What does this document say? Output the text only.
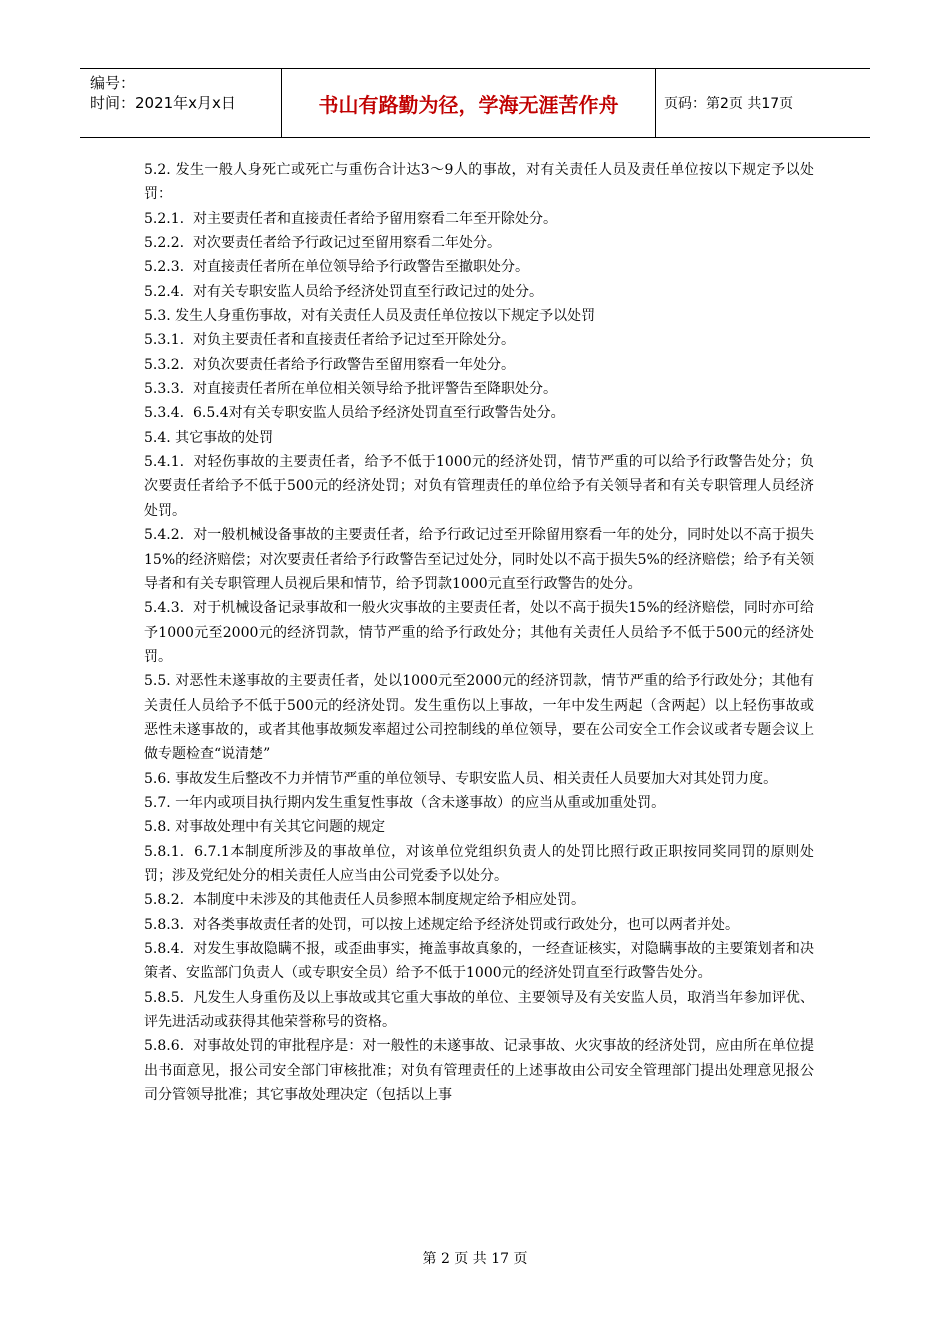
编号：
时间：2021年x月x日	书山有路勤为径，学海无涯苦作舟	页码：第2页 共17页

5.2. 发生一般人身死亡或死亡与重伤合计达3～9人的事故，对有关责任人员及责任单位按以下规定予以处罚：

5.2.1.  对主要责任者和直接责任者给予留用察看二年至开除处分。

5.2.2.  对次要责任者给予行政记过至留用察看二年处分。

5.2.3.  对直接责任者所在单位领导给予行政警告至撤职处分。

5.2.4.  对有关专职安监人员给予经济处罚直至行政记过的处分。

5.3. 发生人身重伤事故，对有关责任人员及责任单位按以下规定予以处罚

5.3.1.  对负主要责任者和直接责任者给予记过至开除处分。

5.3.2.  对负次要责任者给予行政警告至留用察看一年处分。

5.3.3.  对直接责任者所在单位相关领导给予批评警告至降职处分。

5.3.4.  6.5.4对有关专职安监人员给予经济处罚直至行政警告处分。

5.4. 其它事故的处罚

5.4.1.  对轻伤事故的主要责任者，给予不低于1000元的经济处罚，情节严重的可以给予行政警告处分；负次要责任者给予不低于500元的经济处罚；对负有管理责任的单位给予有关领导者和有关专职管理人员经济处罚。

5.4.2.  对一般机械设备事故的主要责任者，给予行政记过至开除留用察看一年的处分，同时处以不高于损失15%的经济赔偿；对次要责任者给予行政警告至记过处分，同时处以不高于损失5%的经济赔偿；给予有关领导者和有关专职管理人员视后果和情节，给予罚款1000元直至行政警告的处分。

5.4.3.  对于机械设备记录事故和一般火灾事故的主要责任者，处以不高于损失15%的经济赔偿，同时亦可给予1000元至2000元的经济罚款，情节严重的给予行政处分；其他有关责任人员给予不低于500元的经济处罚。

5.5. 对恶性未遂事故的主要责任者，处以1000元至2000元的经济罚款，情节严重的给予行政处分；其他有关责任人员给予不低于500元的经济处罚。发生重伤以上事故，一年中发生两起（含两起）以上轻伤事故或恶性未遂事故的，或者其他事故频发率超过公司控制线的单位领导，要在公司安全工作会议或者专题会议上做专题检查“说清楚”

5.6. 事故发生后整改不力并情节严重的单位领导、专职安监人员、相关责任人员要加大对其处罚力度。

5.7. 一年内或项目执行期内发生重复性事故（含未遂事故）的应当从重或加重处罚。

5.8. 对事故处理中有关其它问题的规定

5.8.1.  6.7.1本制度所涉及的事故单位，对该单位党组织负责人的处罚比照行政正职按同奖同罚的原则处罚；涉及党纪处分的相关责任人应当由公司党委予以处分。

5.8.2.  本制度中未涉及的其他责任人员参照本制度规定给予相应处罚。

5.8.3.  对各类事故责任者的处罚，可以按上述规定给予经济处罚或行政处分，也可以两者并处。

5.8.4.  对发生事故隐瞒不报，或歪曲事实，掩盖事故真象的，一经查证核实，对隐瞒事故的主要策划者和决策者、安监部门负责人（或专职安全员）给予不低于1000元的经济处罚直至行政警告处分。

5.8.5.  凡发生人身重伤及以上事故或其它重大事故的单位、主要领导及有关安监人员，取消当年参加评优、评先进活动或获得其他荣誉称号的资格。

5.8.6.  对事故处罚的审批程序是：对一般性的未遂事故、记录事故、火灾事故的经济处罚，应由所在单位提出书面意见，报公司安全部门审核批准；对负有管理责任的上述事故由公司安全管理部门提出处理意见报公司分管领导批准；其它事故处理决定（包括以上事

第 2 页 共 17 页
